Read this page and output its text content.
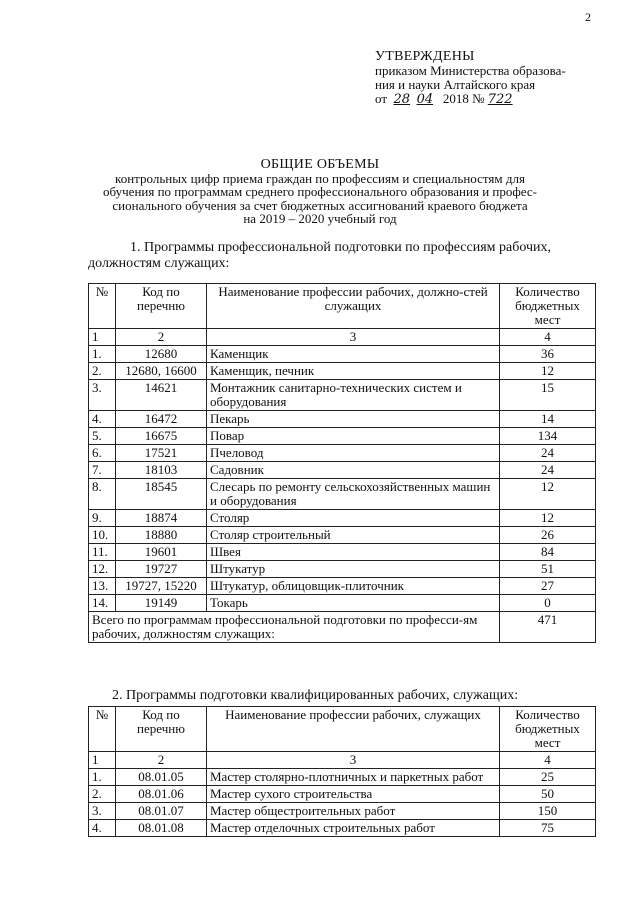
2
УТВЕРЖДЕНЫ
приказом Министерства образова-
ния и науки Алтайского края
от 28 04 2018 № 722
ОБЩИЕ ОБЪЕМЫ
контрольных цифр приема граждан по профессиям и специальностям для
обучения по программам среднего профессионального образования и профес-
сионального обучения за счет бюджетных ассигнований краевого бюджета
на 2019 – 2020 учебный год
1. Программы профессиональной подготовки по профессиям рабочих,
должностям служащих:
№	Код по перечню	Наименование профессии рабочих, должно-стей служащих	Количество бюджетных мест
1	2	3	4
1.	12680	Каменщик	36
2.	12680, 16600	Каменщик, печник	12
3.	14621	Монтажник санитарно-технических систем и оборудования	15
4.	16472	Пекарь	14
5.	16675	Повар	134
6.	17521	Пчеловод	24
7.	18103	Садовник	24
8.	18545	Слесарь по ремонту сельскохозяйственных машин и оборудования	12
9.	18874	Столяр	12
10.	18880	Столяр строительный	26
11.	19601	Швея	84
12.	19727	Штукатур	51
13.	19727, 15220	Штукатур, облицовщик-плиточник	27
14.	19149	Токарь	0
Всего по программам профессиональной подготовки по професси-ям рабочих, должностям служащих:			471
2. Программы подготовки квалифицированных рабочих, служащих:
№	Код по перечню	Наименование профессии рабочих, служащих	Количество бюджетных мест
1	2	3	4
1.	08.01.05	Мастер столярно-плотничных и паркетных работ	25
2.	08.01.06	Мастер сухого строительства	50
3.	08.01.07	Мастер общестроительных работ	150
4.	08.01.08	Мастер отделочных строительных работ	75
